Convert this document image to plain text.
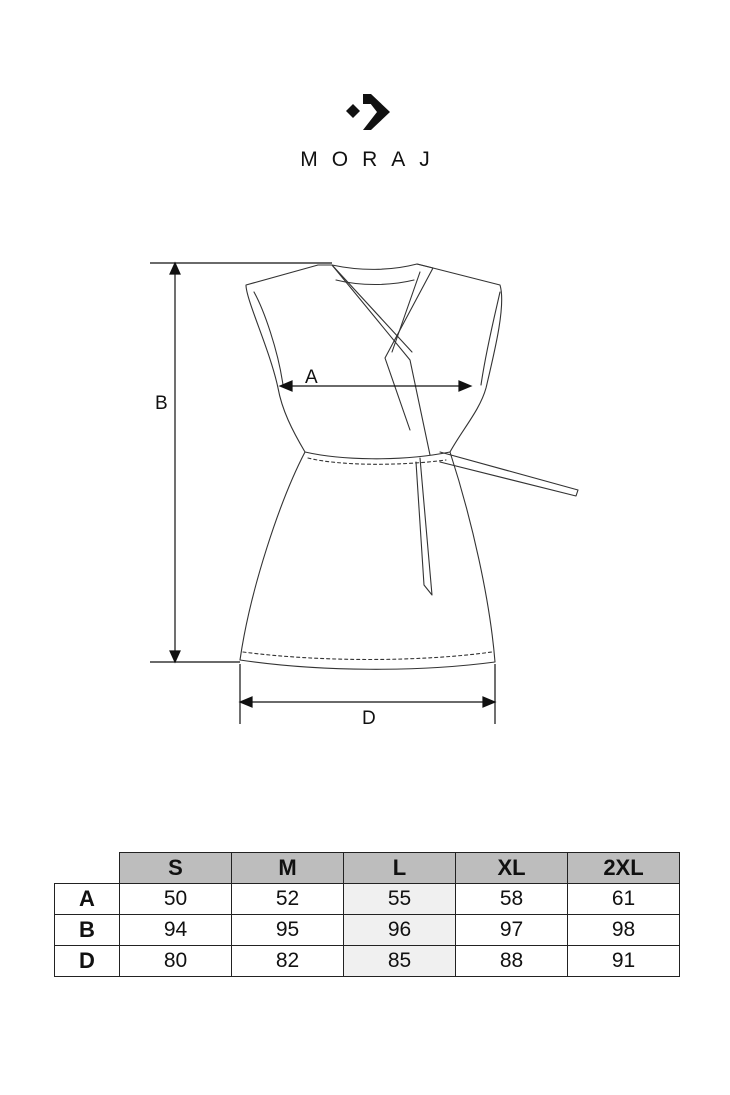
MORAJ
B
A
D
	S	M	L	XL	2XL
A	50	52	55	58	61
B	94	95	96	97	98
D	80	82	85	88	91
